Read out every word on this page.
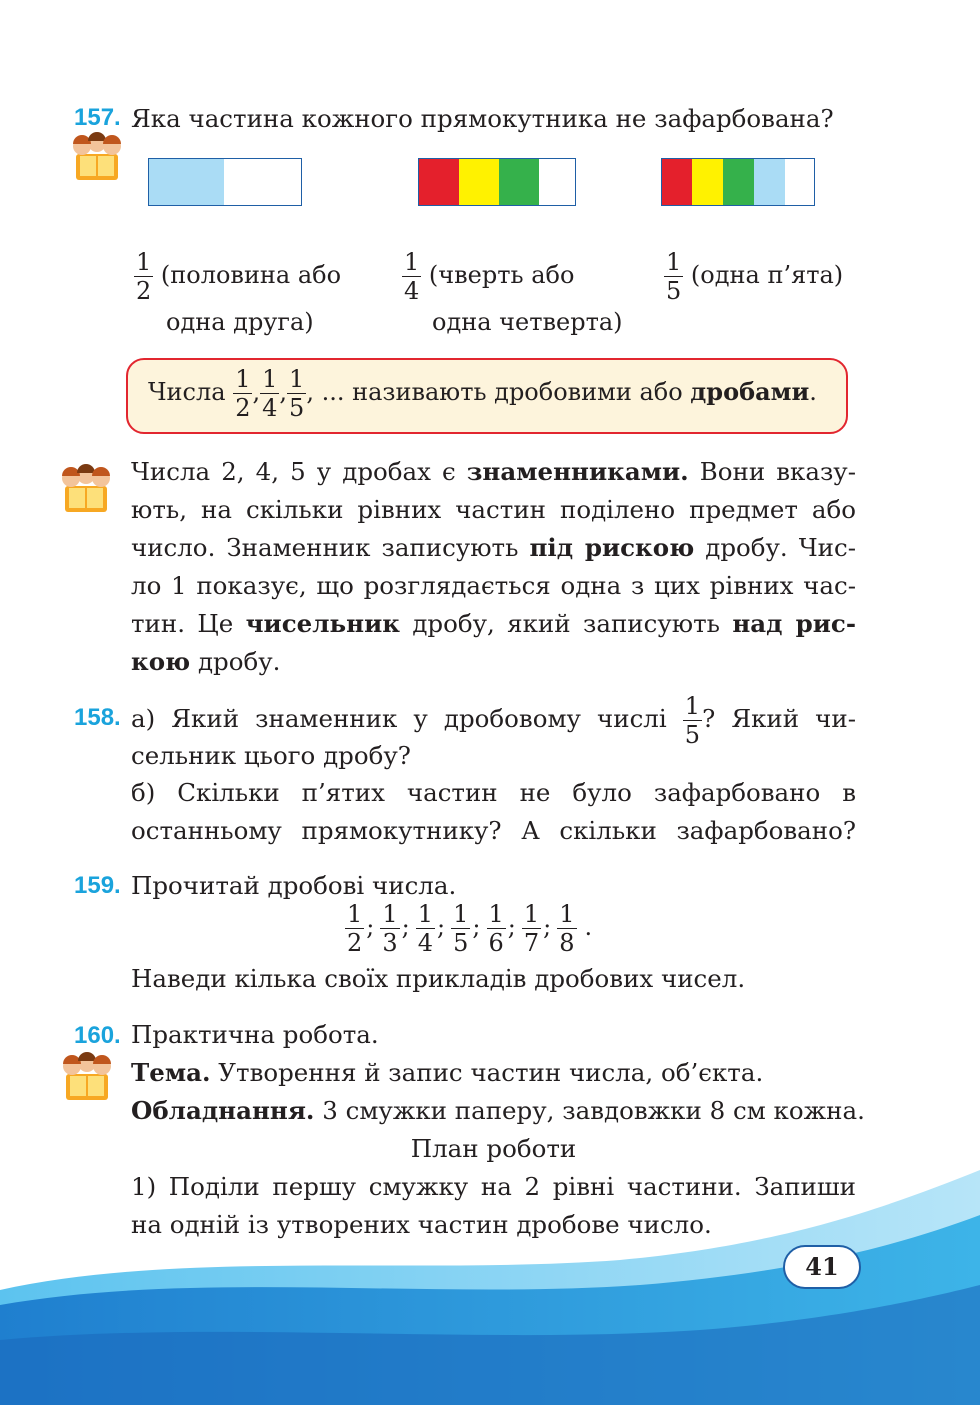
157. Яка частина кожного прямокутника не зафарбована?
$\frac{1}{2}$ (половина або
одна друга)
$\frac{1}{4}$ (чверть або
одна четверта)
$\frac{1}{5}$ (одна п’ята)
Числа $\frac{1}{2}$ , $\frac{1}{4}$ , $\frac{1}{5}$ , ... називають дробовими або дробами.
Числа 2, 4, 5 у дробах є знаменниками. Вони вказу-
ють, на скільки рівних частин поділено предмет або
число. Знаменник записують під рискою дробу. Чис-
ло 1 показує, що розглядається одна з цих рівних час-
тин. Це чисельник дробу, який записують над рис-
кою дробу.
158. а) Який знаменник у дробовому числі $\frac{1}{5}$ ? Який чи-
сельник цього дробу?
б) Скільки п’ятих частин не було зафарбовано в
останньому прямокутнику? А скільки зафарбовано?
159. Прочитай дробові числа.
$\frac{1}{2}$ ; $\frac{1}{3}$ ; $\frac{1}{4}$ ; $\frac{1}{5}$ ; $\frac{1}{6}$ ; $\frac{1}{7}$ ; $\frac{1}{8}$ .
Наведи кілька своїх прикладів дробових чисел.
160. Практична робота.
Тема. Утворення й запис частин числа, об’єкта.
Обладнання. 3 смужки паперу, завдовжки 8 см кожна.
План роботи
1) Поділи першу смужку на 2 рівні частини. Запиши
на одній із утворених частин дробове число.
41
